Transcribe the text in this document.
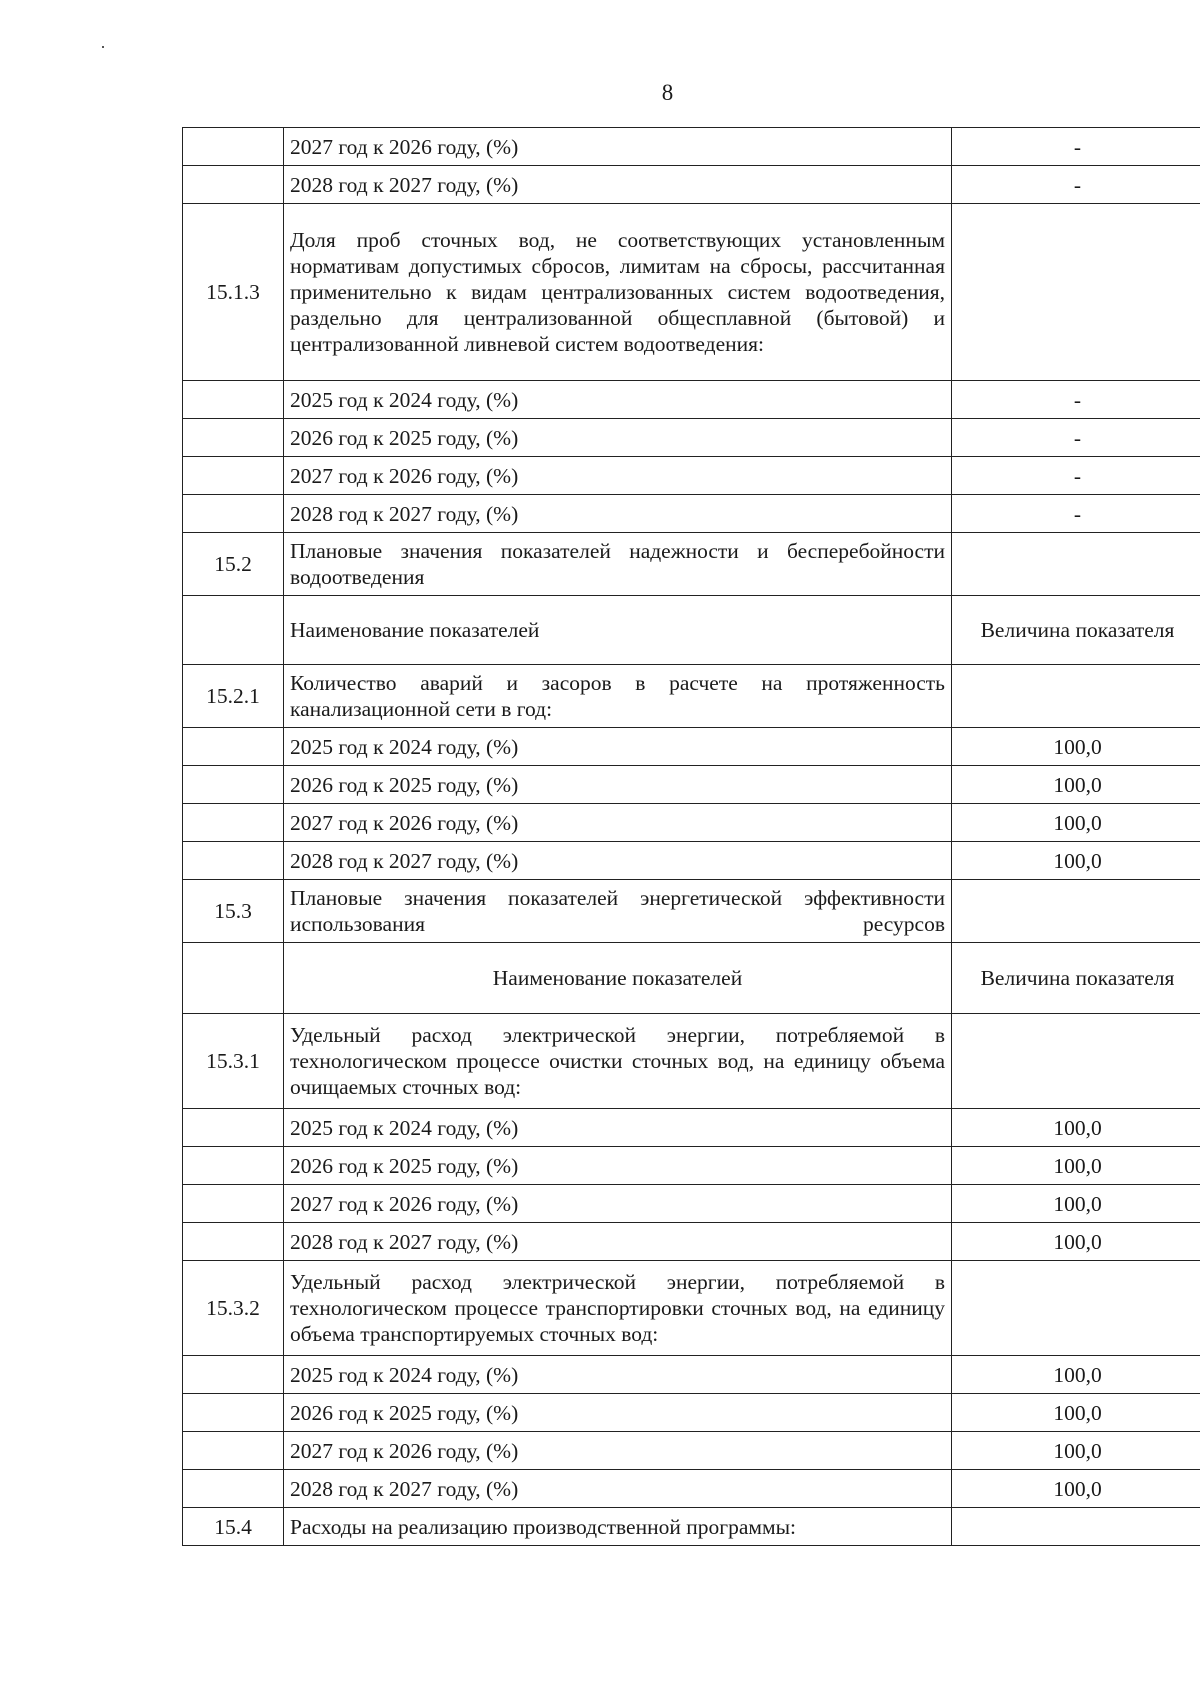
8
	2027 год к 2026 году, (%)	-
	2028 год к 2027 году, (%)	-
15.1.3	Доля проб сточных вод, не соответствующих установленным нормативам допустимых сбросов, лимитам на сбросы, рассчитанная применительно к видам централизованных систем водоотведения, раздельно для централизованной общесплавной (бытовой) и централизованной ливневой систем водоотведения:	
	2025 год к 2024 году, (%)	-
	2026 год к 2025 году, (%)	-
	2027 год к 2026 году, (%)	-
	2028 год к 2027 году, (%)	-
15.2	Плановые значения показателей надежности и бесперебойности водоотведения	
	Наименование показателей	Величина показателя
15.2.1	Количество аварий и засоров в расчете на протяженность канализационной сети в год:	
	2025 год к 2024 году, (%)	100,0
	2026 год к 2025 году, (%)	100,0
	2027 год к 2026 году, (%)	100,0
	2028 год к 2027 году, (%)	100,0
15.3	Плановые значения показателей энергетической эффективности использования ресурсов	
	Наименование показателей	Величина показателя
15.3.1	Удельный расход электрической энергии, потребляемой в технологическом процессе очистки сточных вод, на единицу объема очищаемых сточных вод:	
	2025 год к 2024 году, (%)	100,0
	2026 год к 2025 году, (%)	100,0
	2027 год к 2026 году, (%)	100,0
	2028 год к 2027 году, (%)	100,0
15.3.2	Удельный расход электрической энергии, потребляемой в технологическом процессе транспортировки сточных вод, на единицу объема транспортируемых сточных вод:	
	2025 год к 2024 году, (%)	100,0
	2026 год к 2025 году, (%)	100,0
	2027 год к 2026 году, (%)	100,0
	2028 год к 2027 году, (%)	100,0
15.4	Расходы на реализацию производственной программы:	
